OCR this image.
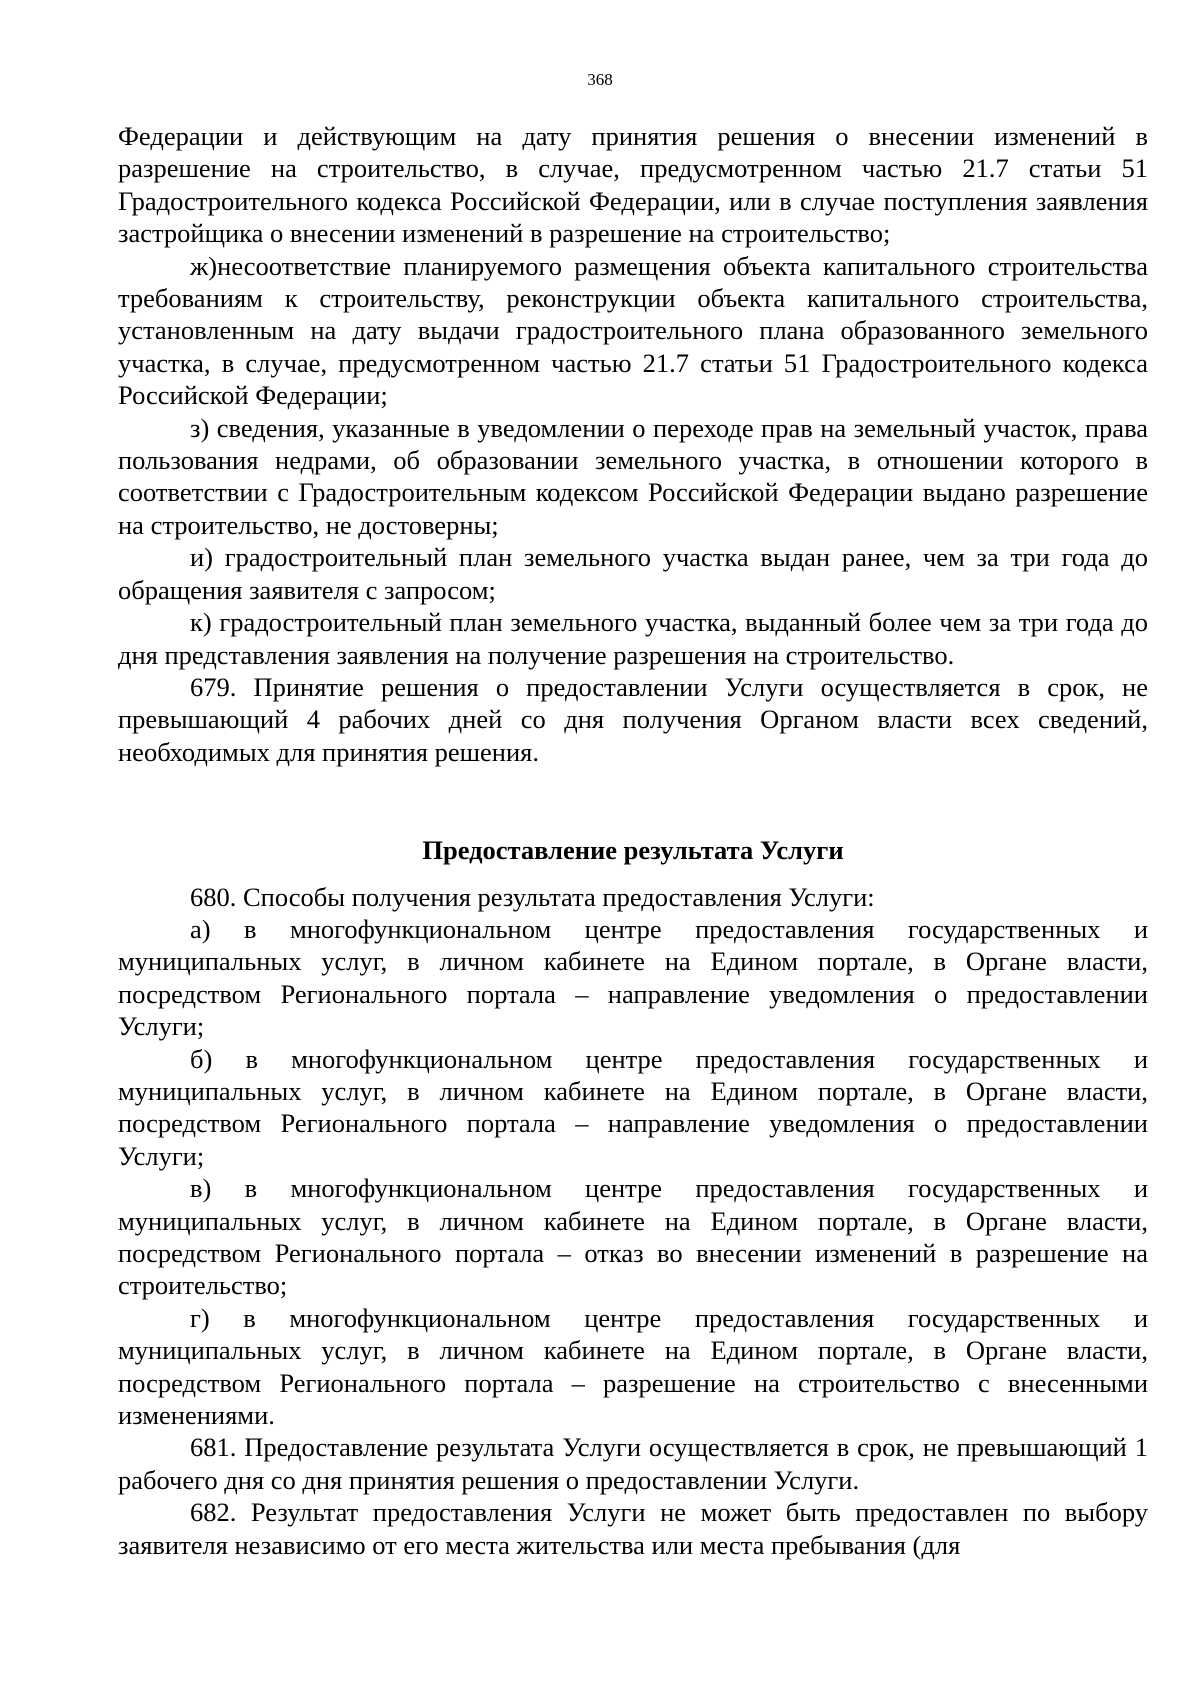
368

Федерации и действующим на дату принятия решения о внесении изменений в разрешение на строительство, в случае, предусмотренном частью 21.7 статьи 51 Градостроительного кодекса Российской Федерации, или в случае поступления заявления застройщика о внесении изменений в разрешение на строительство;

ж)несоответствие планируемого размещения объекта капитального строительства требованиям к строительству, реконструкции объекта капитального строительства, установленным на дату выдачи градостроительного плана образованного земельного участка, в случае, предусмотренном частью 21.7 статьи 51 Градостроительного кодекса Российской Федерации;

з) сведения, указанные в уведомлении о переходе прав на земельный участок, права пользования недрами, об образовании земельного участка, в отношении которого в соответствии с Градостроительным кодексом Российской Федерации выдано разрешение на строительство, не достоверны;

и) градостроительный план земельного участка выдан ранее, чем за три года до обращения заявителя с запросом;

к) градостроительный план земельного участка, выданный более чем за три года до дня представления заявления на получение разрешения на строительство.

679. Принятие решения о предоставлении Услуги осуществляется в срок, не превышающий 4 рабочих дней со дня получения Органом власти всех сведений, необходимых для принятия решения.

Предоставление результата Услуги

680. Способы получения результата предоставления Услуги:

а) в многофункциональном центре предоставления государственных и муниципальных услуг, в личном кабинете на Едином портале, в Органе власти, посредством Регионального портала – направление уведомления о предоставлении Услуги;

б) в многофункциональном центре предоставления государственных и муниципальных услуг, в личном кабинете на Едином портале, в Органе власти, посредством Регионального портала – направление уведомления о предоставлении Услуги;

в) в многофункциональном центре предоставления государственных и муниципальных услуг, в личном кабинете на Едином портале, в Органе власти, посредством Регионального портала – отказ во внесении изменений в разрешение на строительство;

г) в многофункциональном центре предоставления государственных и муниципальных услуг, в личном кабинете на Едином портале, в Органе власти, посредством Регионального портала – разрешение на строительство с внесенными изменениями.

681. Предоставление результата Услуги осуществляется в срок, не превышающий 1 рабочего дня со дня принятия решения о предоставлении Услуги.

682. Результат предоставления Услуги не может быть предоставлен по выбору заявителя независимо от его места жительства или места пребывания (для
